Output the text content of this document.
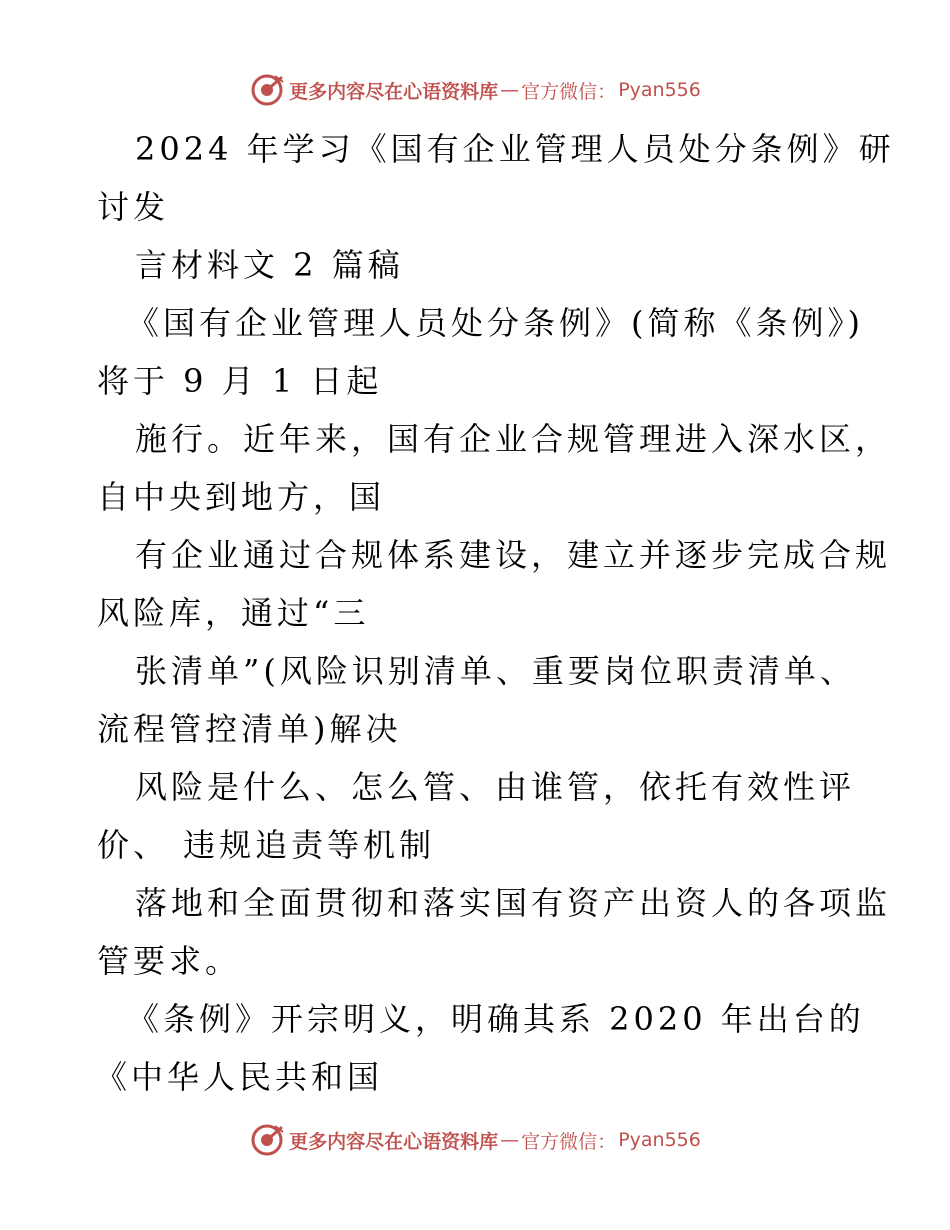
更多内容尽在心语资料库 — 官方微信： Pyan556
2024 年学习《国有企业管理人员处分条例》研
讨发
言材料文 2 篇稿
《国有企业管理人员处分条例》(简称《条例》)
将于 9 月 1 日起
施行。近年来，国有企业合规管理进入深水区，
自中央到地方，国
有企业通过合规体系建设，建立并逐步完成合规
风险库，通过“三
张清单”(风险识别清单、重要岗位职责清单、
流程管控清单)解决
风险是什么、怎么管、由谁管，依托有效性评
价、 违规追责等机制
落地和全面贯彻和落实国有资产出资人的各项监
管要求。
《条例》开宗明义，明确其系 2020 年出台的
《中华人民共和国
更多内容尽在心语资料库 — 官方微信： Pyan556
